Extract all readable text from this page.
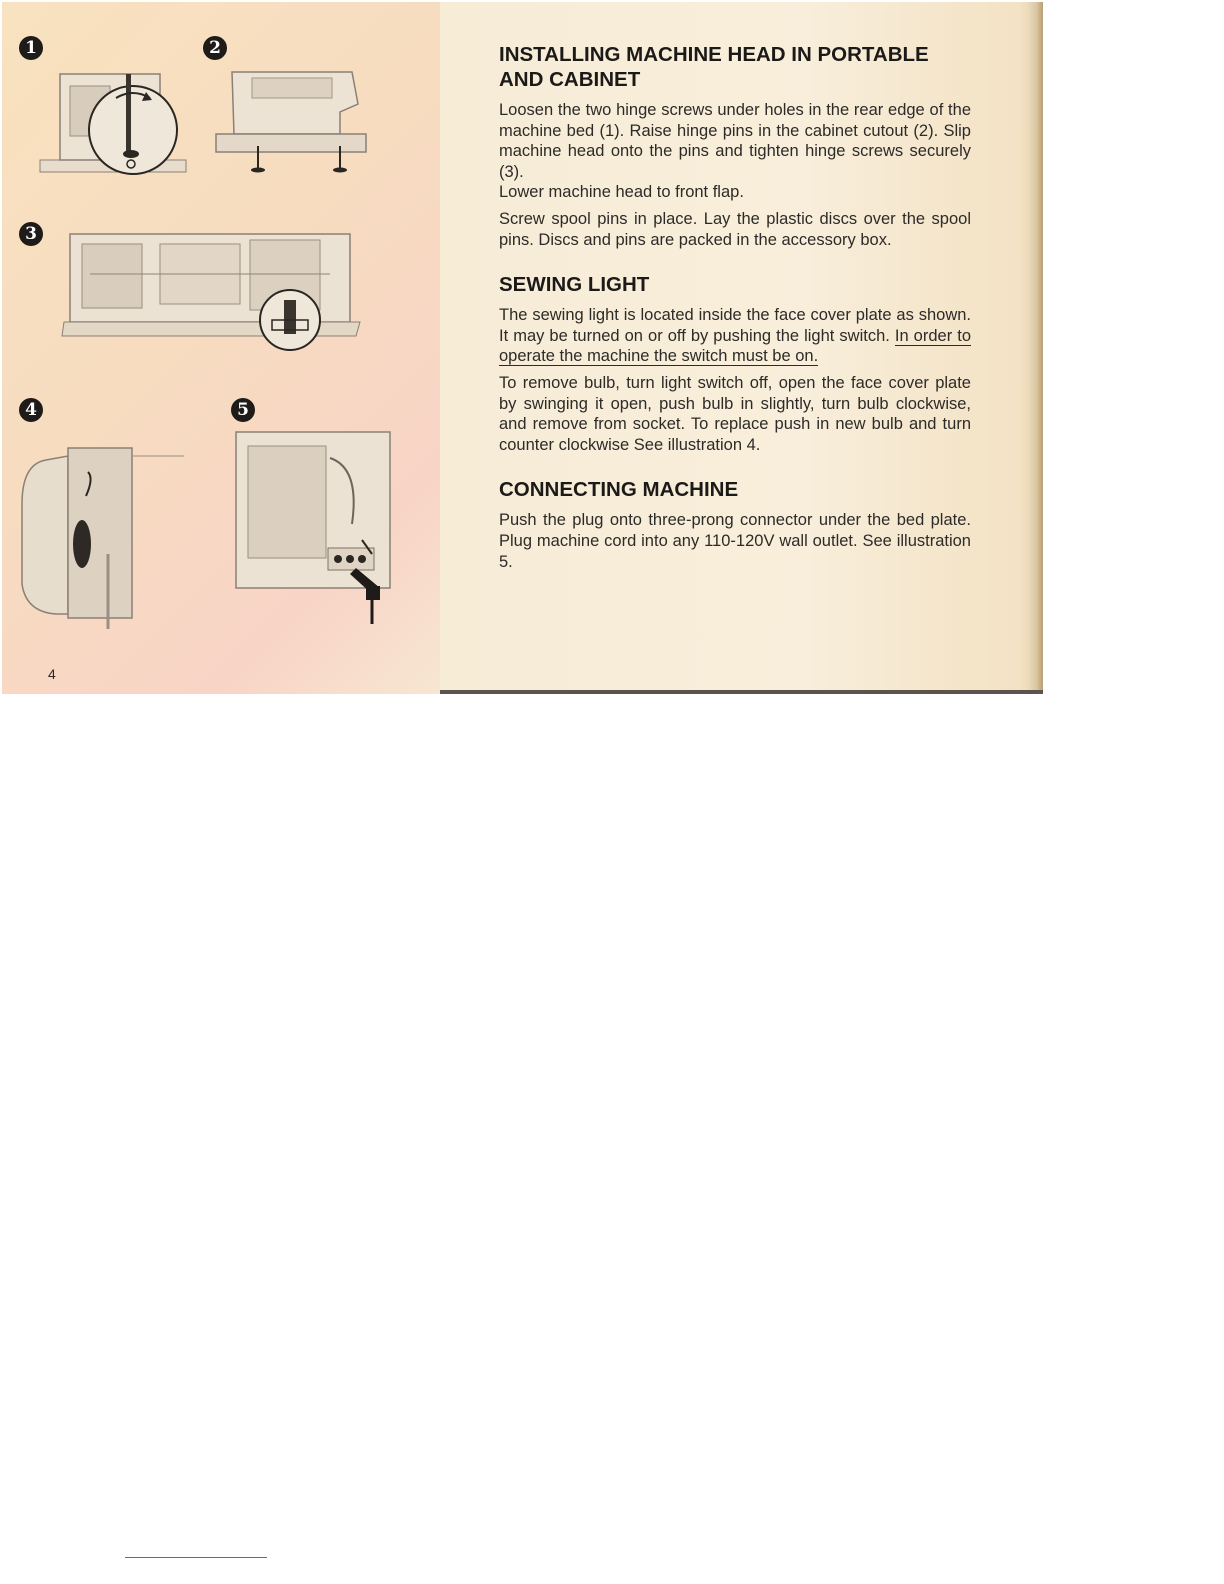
1	2
3
4	5
4
INSTALLING MACHINE HEAD IN PORTABLE
AND CABINET

Loosen the two hinge screws under holes in the rear edge of the machine bed (1). Raise hinge pins in the cabinet cutout (2). Slip machine head onto the pins and tighten hinge screws securely (3).
Lower machine head to front flap.

Screw spool pins in place. Lay the plastic discs over the spool pins. Discs and pins are packed in the accessory box.

SEWING LIGHT

The sewing light is located inside the face cover plate as shown. It may be turned on or off by pushing the light switch. In order to operate the machine the switch must be on.

To remove bulb, turn light switch off, open the face cover plate by swinging it open, push bulb in slightly, turn bulb clockwise, and remove from socket. To replace push in new bulb and turn counter clockwise See illustration 4.

CONNECTING MACHINE

Push the plug onto three-prong connector under the bed plate. Plug machine cord into any 110-120V wall outlet. See illustration 5.
